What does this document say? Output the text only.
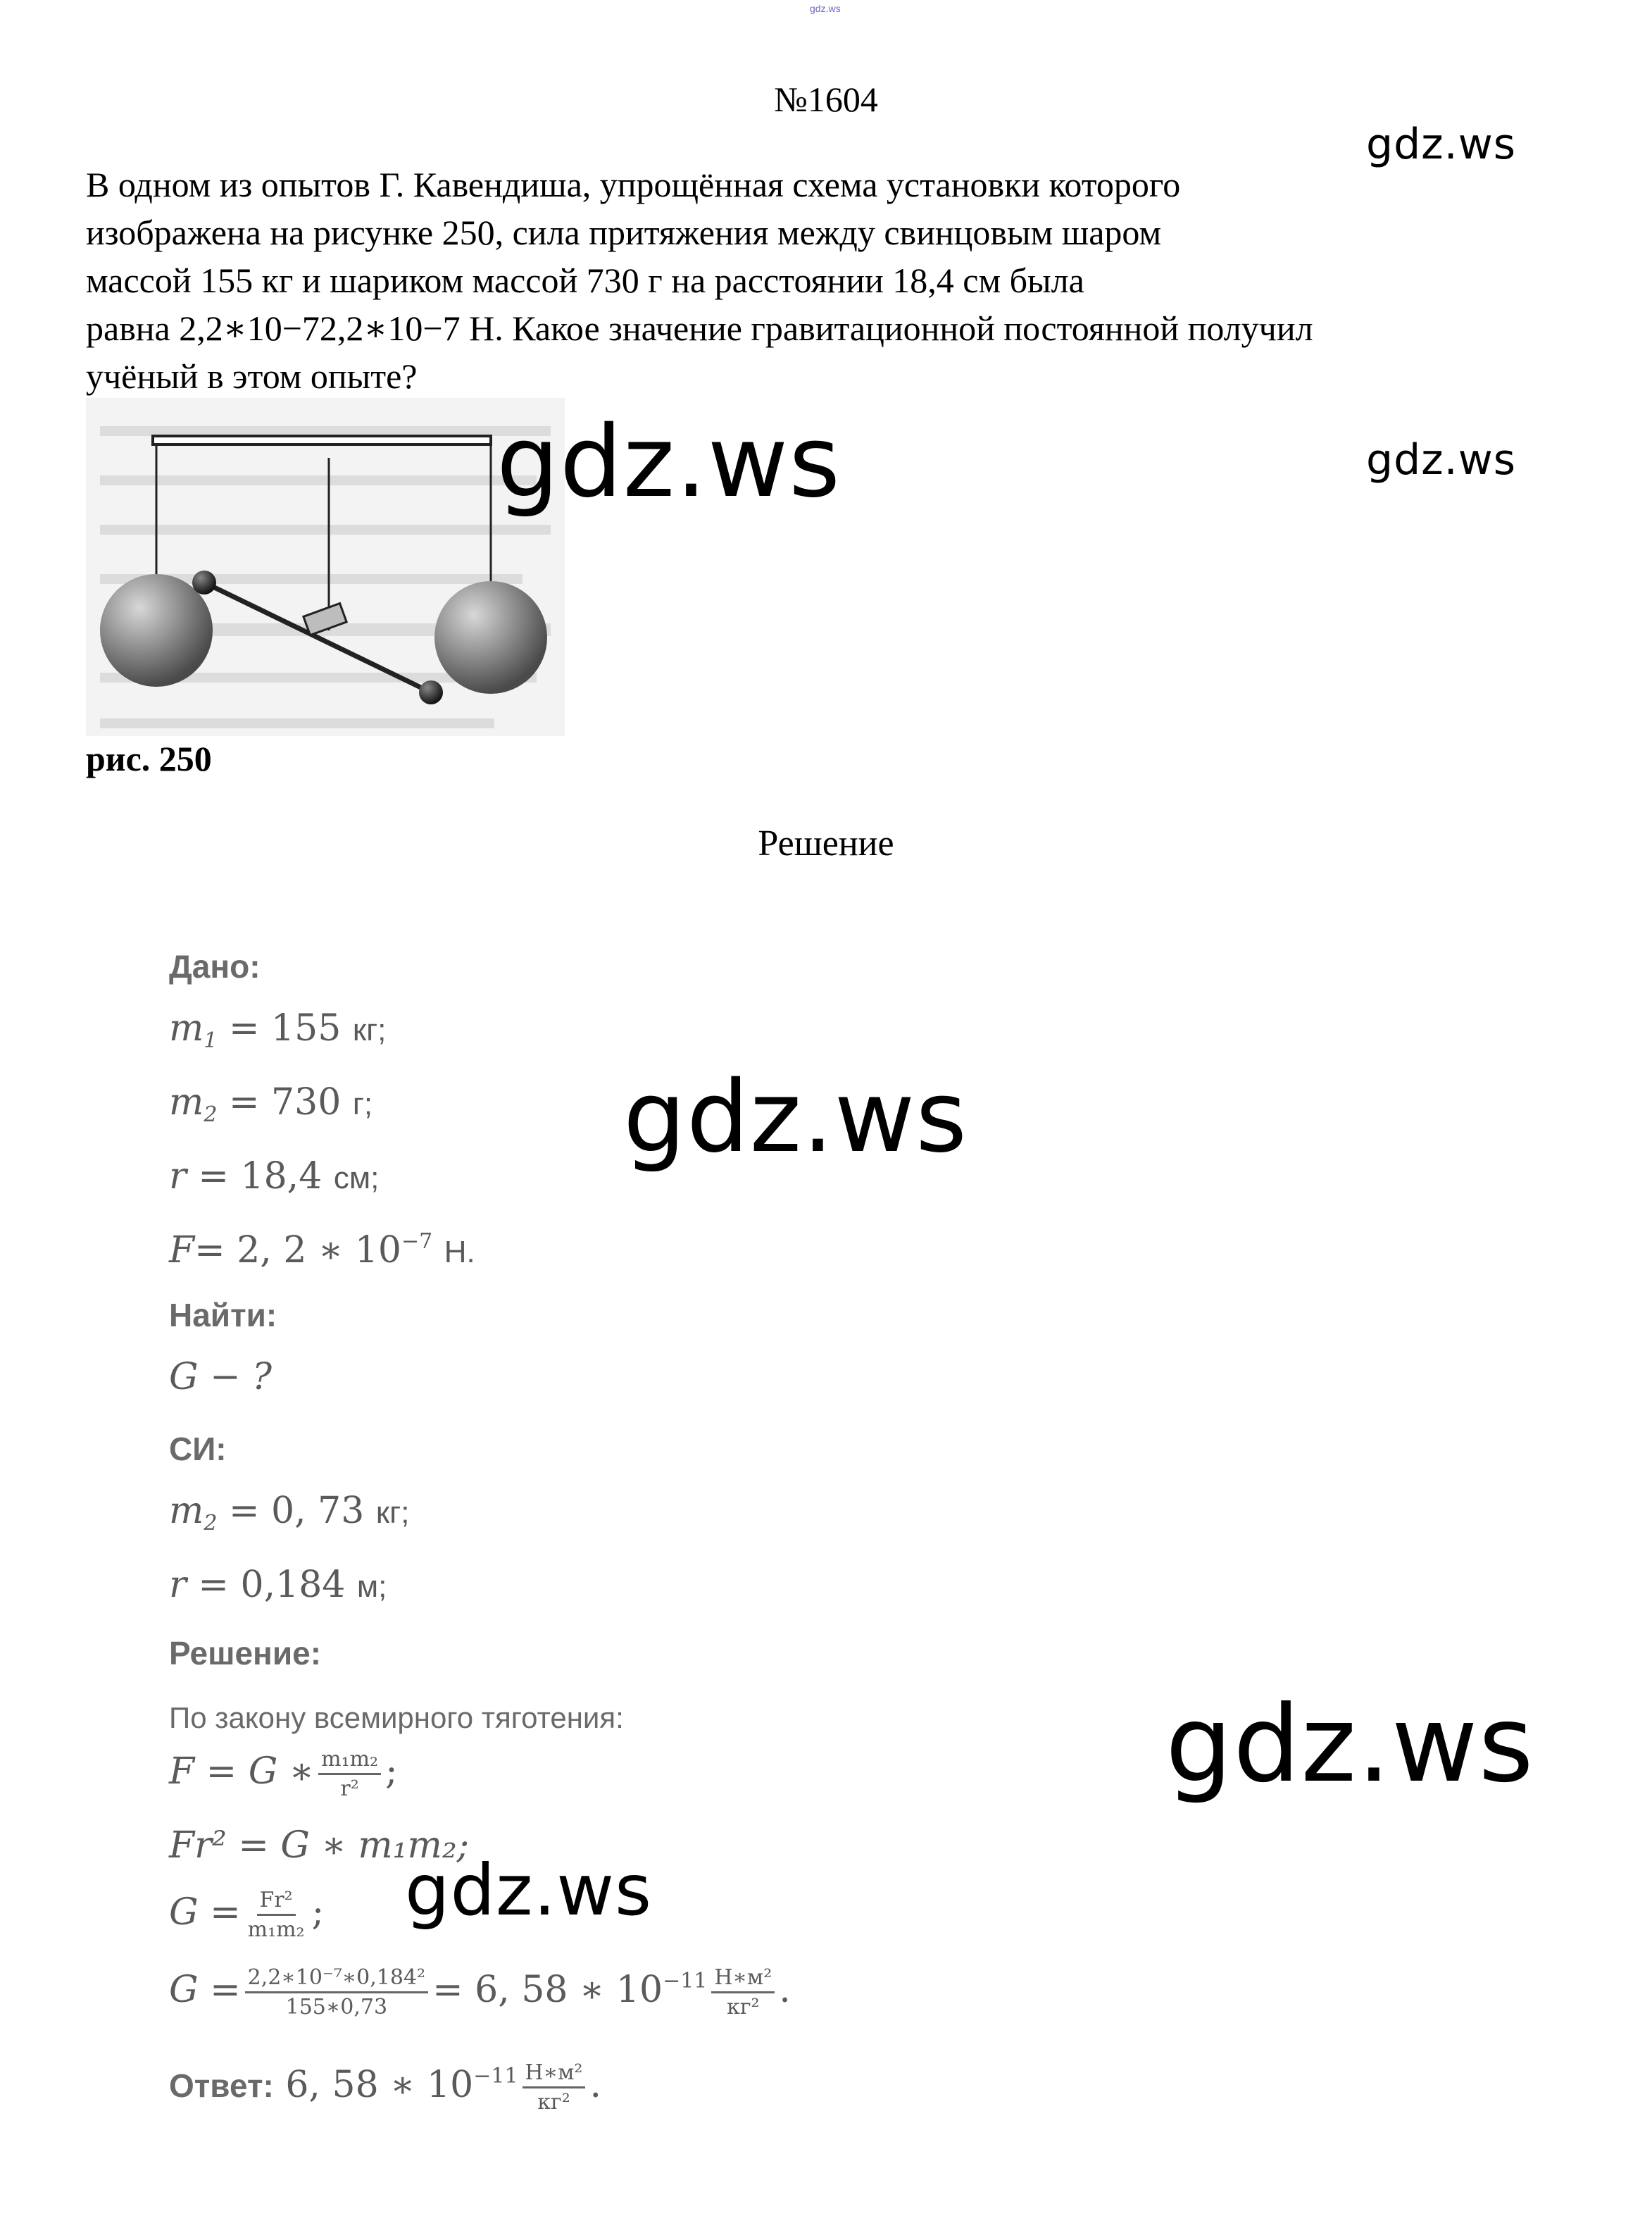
gdz.ws
№1604
gdz.ws
В одном из опытов Г. Кавендиша, упрощённая схема установки которого
изображена на рисунке 250, сила притяжения между свинцовым шаром
массой 155 кг и шариком массой 730 г на расстоянии 18,4 см была
равна 2,2∗10−72,2∗10−7 Н. Какое значение гравитационной постоянной получил
учёный в этом опыте?
gdz.ws	gdz.ws
рис. 250
Решение
Дано:
$m_1 = 155$ кг;
$m_2 = 730$ г;
r = 18,4 см;
F= 2, 2 ∗ $10^{-7}$ Н.
gdz.ws
Найти:
G − ?
СИ:
$m_2 = 0$, 73 кг;
r = 0,184 м;
Решение:
По закону всемирного тяготения:
F = G ∗ $\frac{\text{m₁m₂}}{\text{r²}}$ ;
Fr² = G ∗ m₁m₂;
$G = \frac{\text{Fr²}}{\text{m₁m₂}}$ ; gdz.ws
gdz.ws
$G = \frac{\text{2,2∗10⁻⁷∗0,184²}}{155∗0,73} = 6$, 58 ∗ $10^{-11} \frac{\text{Н∗м²}}{\text{кг²}}$ .
Ответ: 6, 58 ∗ $10^{-11} \frac{\text{Н∗м²}}{\text{кг²}}$ .
